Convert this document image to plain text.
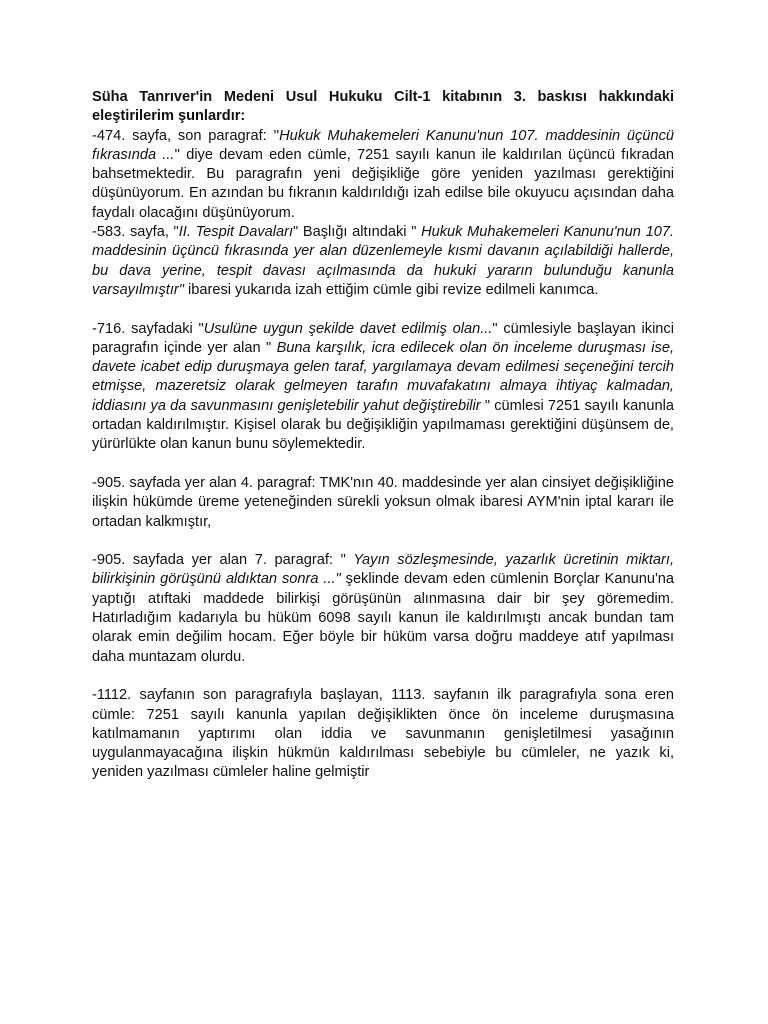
Süha Tanrıver'in Medeni Usul Hukuku Cilt-1 kitabının 3. baskısı hakkındaki eleştirilerim şunlardır:

-474. sayfa, son paragraf: ''Hukuk Muhakemeleri Kanunu'nun 107. maddesinin üçüncü fıkrasında ...'' diye devam eden cümle, 7251 sayılı kanun ile kaldırılan üçüncü fıkradan bahsetmektedir. Bu paragrafın yeni değişikliğe göre yeniden yazılması gerektiğini düşünüyorum. En azından bu fıkranın kaldırıldığı izah edilse bile okuyucu açısından daha faydalı olacağını düşünüyorum.

-583. sayfa, "II. Tespit Davaları" Başlığı altındaki " Hukuk Muhakemeleri Kanunu'nun 107. maddesinin üçüncü fıkrasında yer alan düzenlemeyle kısmi davanın açılabildiği hallerde, bu dava yerine, tespit davası açılmasında da hukuki yararın bulunduğu kanunla varsayılmıştır" ibaresi yukarıda izah ettiğim cümle gibi revize edilmeli kanımca.

-716. sayfadaki "Usulüne uygun şekilde davet edilmiş olan..." cümlesiyle başlayan ikinci paragrafın içinde yer alan " Buna karşılık, icra edilecek olan ön inceleme duruşması ise, davete icabet edip duruşmaya gelen taraf, yargılamaya devam edilmesi seçeneğini tercih etmişse, mazeretsiz olarak gelmeyen tarafın muvafakatını almaya ihtiyaç kalmadan, iddiasını ya da savunmasını genişletebilir yahut değiştirebilir " cümlesi 7251 sayılı kanunla ortadan kaldırılmıştır. Kişisel olarak bu değişikliğin yapılmaması gerektiğini düşünsem de, yürürlükte olan kanun bunu söylemektedir.

-905. sayfada yer alan 4. paragraf: TMK'nın 40. maddesinde yer alan cinsiyet değişikliğine ilişkin hükümde üreme yeteneğinden sürekli yoksun olmak ibaresi AYM'nin iptal kararı ile ortadan kalkmıştır,

-905. sayfada yer alan 7. paragraf: " Yayın sözleşmesinde, yazarlık ücretinin miktarı, bilirkişinin görüşünü aldıktan sonra ..." şeklinde devam eden cümlenin Borçlar Kanunu'na yaptığı atıftaki maddede bilirkişi görüşünün alınmasına dair bir şey göremedim. Hatırladığım kadarıyla bu hüküm 6098 sayılı kanun ile kaldırılmıştı ancak bundan tam olarak emin değilim hocam. Eğer böyle bir hüküm varsa doğru maddeye atıf yapılması daha muntazam olurdu.

-1112. sayfanın son paragrafıyla başlayan, 1113. sayfanın ilk paragrafıyla sona eren cümle: 7251 sayılı kanunla yapılan değişiklikten önce ön inceleme duruşmasına katılmamanın yaptırımı olan iddia ve savunmanın genişletilmesi yasağının uygulanmayacağına ilişkin hükmün kaldırılması sebebiyle bu cümleler, ne yazık ki, yeniden yazılması cümleler haline gelmiştir
